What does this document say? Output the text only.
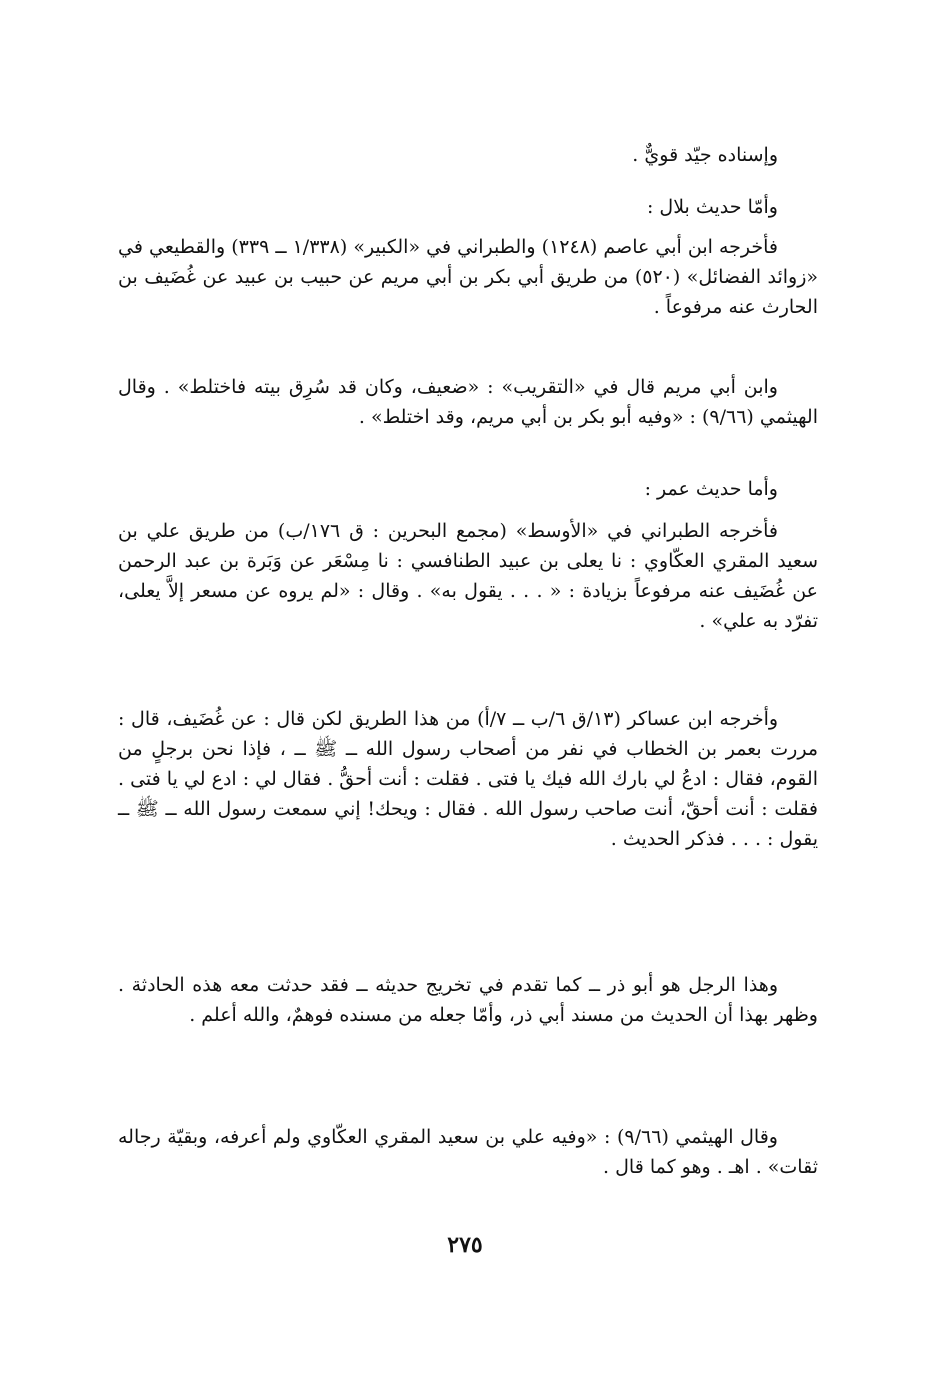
وإسناده جيّد قويٌّ .

وأمّا حديث بلال :

فأخرجه ابن أبي عاصم (١٢٤٨) والطبراني في «الكبير» (١/٣٣٨ ــ ٣٣٩) والقطيعي في «زوائد الفضائل» (٥٢٠) من طريق أبي بكر بن أبي مريم عن حبيب بن عبيد عن غُضَيف بن الحارث عنه مرفوعاً .

وابن أبي مريم قال في «التقريب» : «ضعيف، وكان قد سُرِق بيته فاختلط» . وقال الهيثمي (٩/٦٦) : «وفيه أبو بكر بن أبي مريم، وقد اختلط» .

وأما حديث عمر :

فأخرجه الطبراني في «الأوسط» (مجمع البحرين : ق ١٧٦/ب) من طريق علي بن سعيد المقري العكّاوي : نا يعلى بن عبيد الطنافسي : نا مِسْعَر عن وَبَرة بن عبد الرحمن عن غُضَيف عنه مرفوعاً بزيادة : « . . . يقول به» . وقال : «لم يروه عن مسعر إلاَّ يعلى، تفرّد به علي» .

وأخرجه ابن عساكر (١٣/ق ٦/ب ــ ٧/أ) من هذا الطريق لكن قال : عن غُضَيف، قال : مررت بعمر بن الخطاب في نفر من أصحاب رسول الله ــ ﷺ ــ ، فإذا نحن برجلٍ من القوم، فقال : ادعُ لي بارك الله فيك يا فتى . فقلت : أنت أحقُّ . فقال لي : ادع لي يا فتى . فقلت : أنت أحقّ، أنت صاحب رسول الله . فقال : ويحك! إني سمعت رسول الله ــ ﷺ ــ يقول : . . . فذكر الحديث .

وهذا الرجل هو أبو ذر ــ كما تقدم في تخريج حديثه ــ فقد حدثت معه هذه الحادثة . وظهر بهذا أن الحديث من مسند أبي ذر، وأمّا جعله من مسنده فوهمٌ، والله أعلم .

وقال الهيثمي (٩/٦٦) : «وفيه علي بن سعيد المقري العكّاوي ولم أعرفه، وبقيّة رجاله ثقات» . اهـ . وهو كما قال .

٢٧٥
